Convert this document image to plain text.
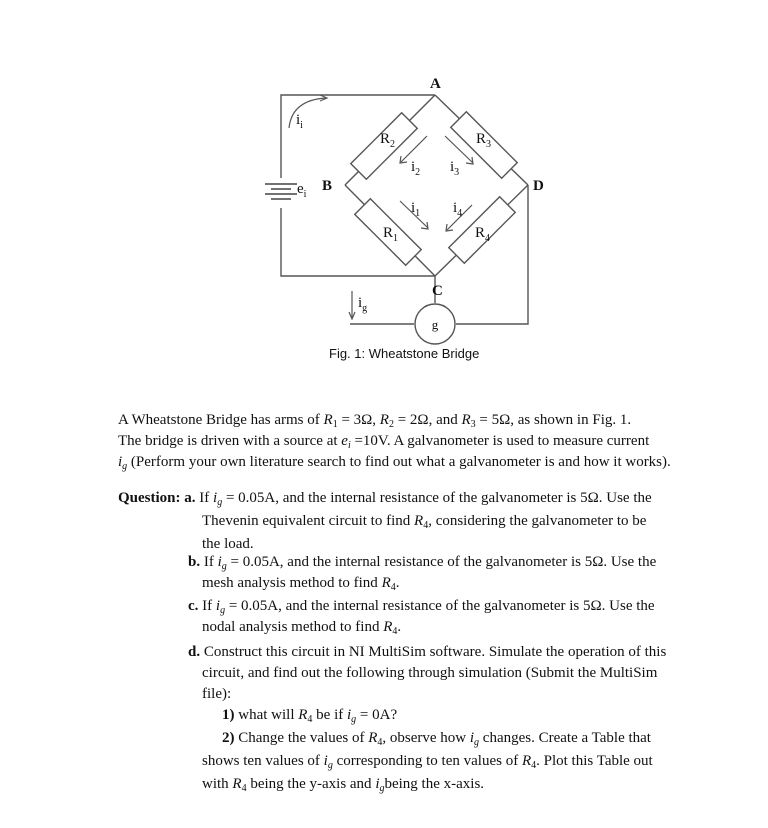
g
A
B
C
D
$R_2$	$R_3$
$R_1$	$R_4$
$i_i$
$i_2$ $i_3$
$i_1$ $i_4$
$i_g$
$e_i$
Fig. 1: Wheatstone Bridge

A Wheatstone Bridge has arms of $R_1 = 3\Omega$, $R_2 = 2\Omega$, and $R_3 = 5\Omega$, as shown in Fig. 1.

The bridge is driven with a source at $e_i =10V$. A galvanometer is used to measure current

$i_g$ (Perform your own literature search to find out what a galvanometer is and how it works).

Question: a. If $i_g = 0.05A$, and the internal resistance of the galvanometer is 5Ω. Use the

Thevenin equivalent circuit to find $R_4$, considering the galvanometer to be

the load.

b. If $i_g = 0.05A$, and the internal resistance of the galvanometer is 5Ω. Use the

mesh analysis method to find $R_4$.

c. If $i_g = 0.05A$, and the internal resistance of the galvanometer is 5Ω. Use the

nodal analysis method to find $R_4$.

d. Construct this circuit in NI MultiSim software. Simulate the operation of this

circuit, and find out the following through simulation (Submit the MultiSim

file):

1) what will $R_4$ be if $i_g = 0A$?

2) Change the values of $R_4$, observe how $i_g$ changes. Create a Table that

shows ten values of $i_g$ corresponding to ten values of $R_4$. Plot this Table out

with $R_4$ being the y-axis and $i_gbeing$ the x-axis.
